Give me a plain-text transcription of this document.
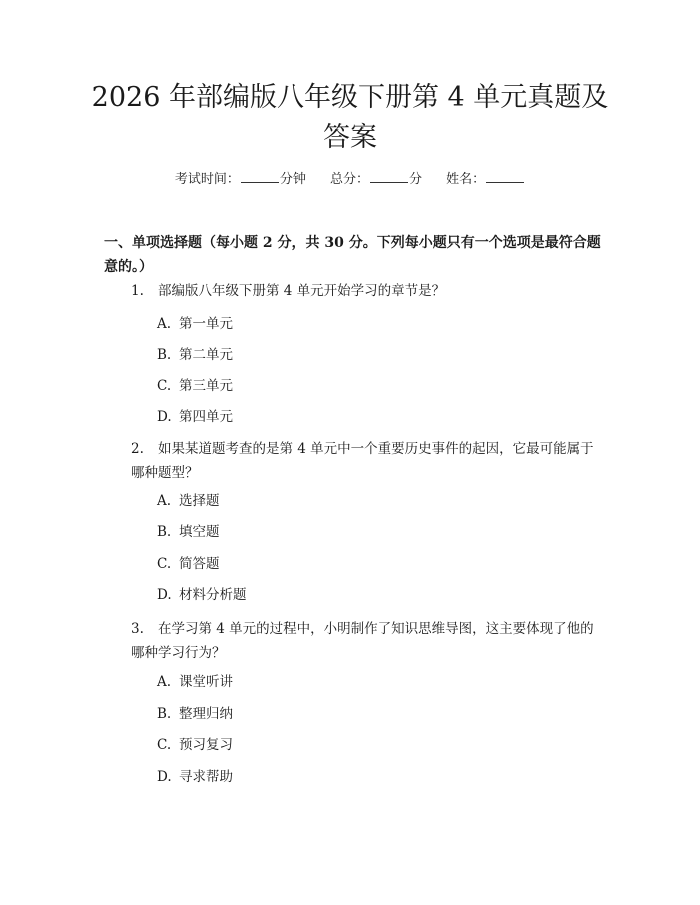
2026 年部编版八年级下册第 4 单元真题及答案
考试时间：	分钟 总分：	分 姓名：

一、单项选择题（每小题 2 分，共 30 分。下列每小题只有一个选项是最符合题意的。）

1. 部编版八年级下册第 4 单元开始学习的章节是？
A. 第一单元
B. 第二单元
C. 第三单元
D. 第四单元
2. 如果某道题考查的是第 4 单元中一个重要历史事件的起因，它最可能属于哪种题型？
A. 选择题
B. 填空题
C. 简答题
D. 材料分析题
3. 在学习第 4 单元的过程中，小明制作了知识思维导图，这主要体现了他的哪种学习行为？
A. 课堂听讲
B. 整理归纳
C. 预习复习
D. 寻求帮助
